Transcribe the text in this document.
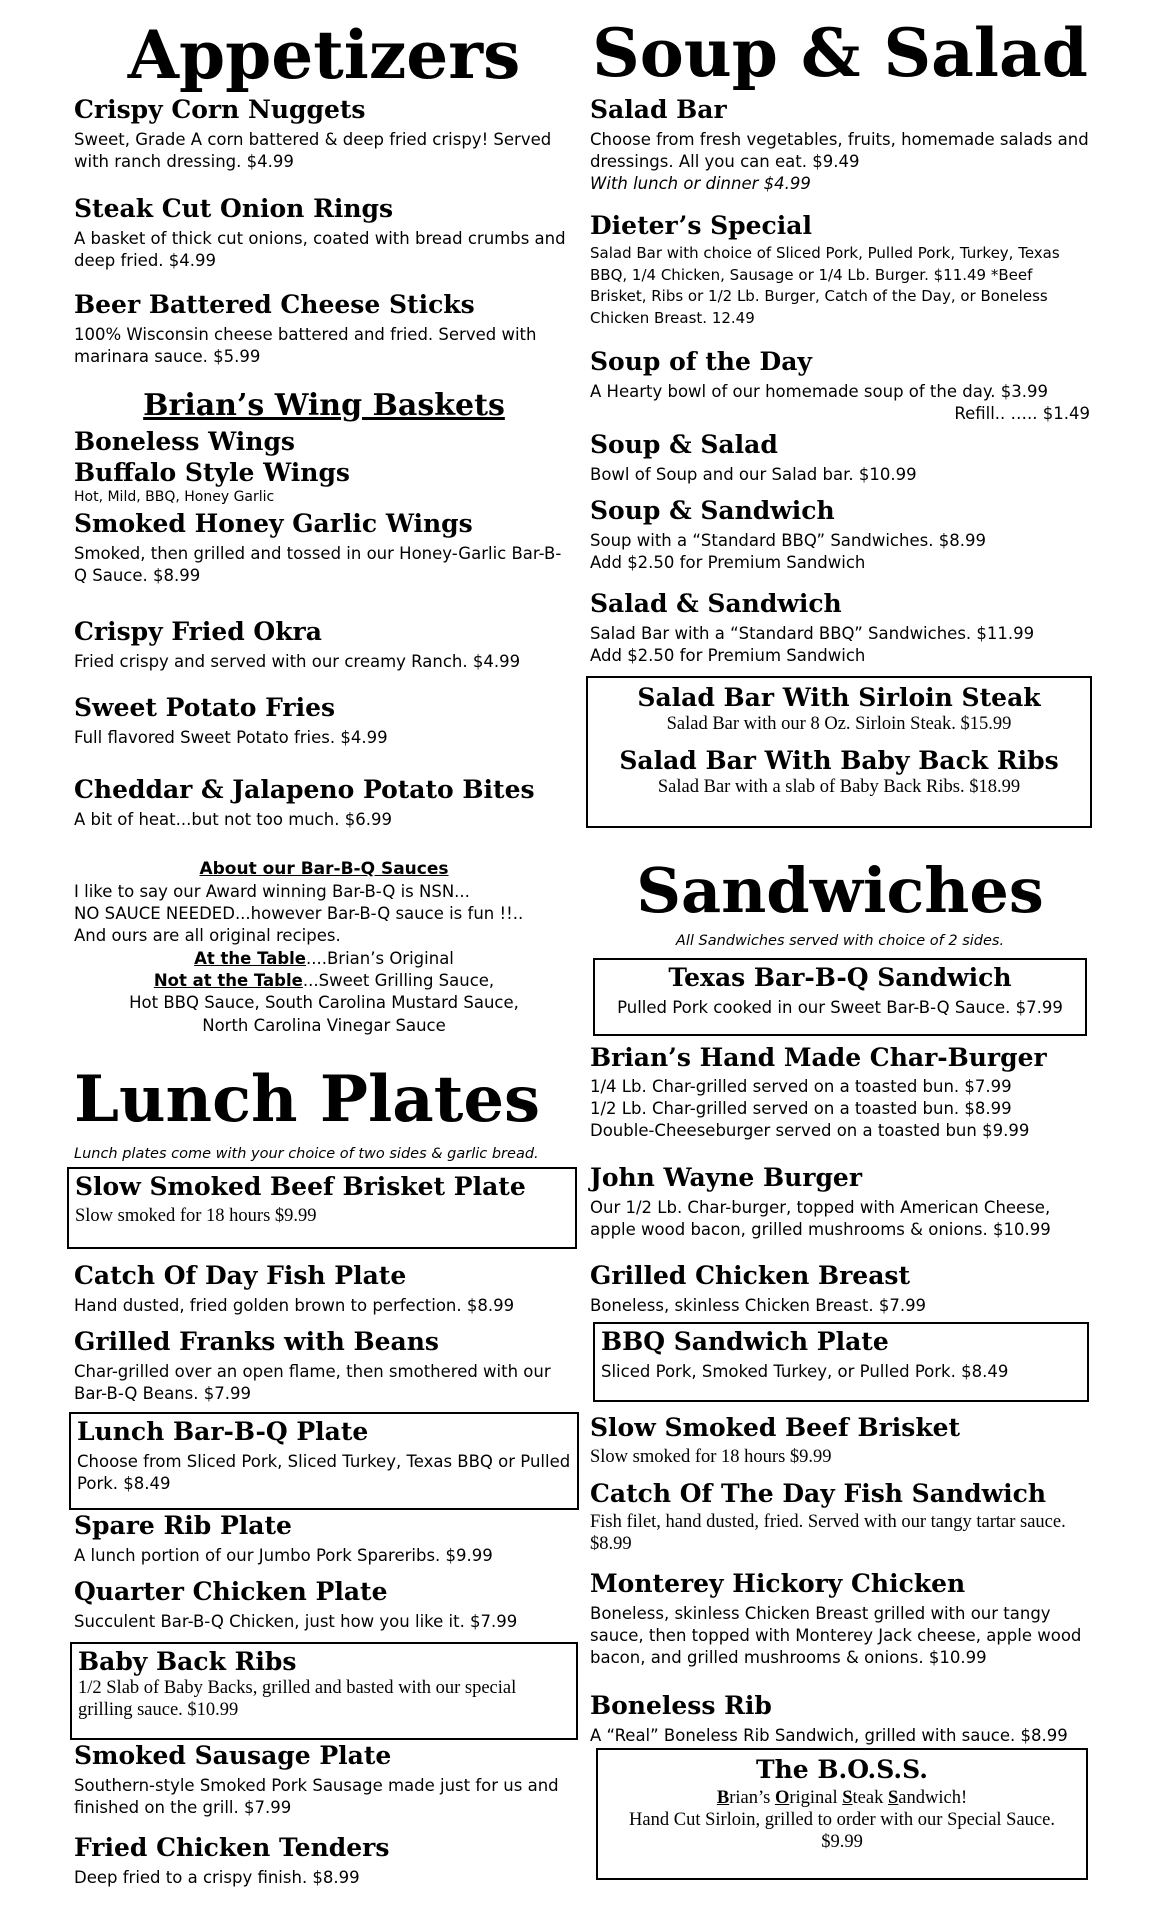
Appetizers
Crispy Corn Nuggets
Sweet, Grade A corn battered & deep fried crispy! Served with ranch dressing. $4.99
Steak Cut Onion Rings
A basket of thick cut onions, coated with bread crumbs and deep fried. $4.99
Beer Battered Cheese Sticks
100% Wisconsin cheese battered and fried. Served with marinara sauce. $5.99
Brian’s Wing Baskets
Boneless Wings
Buffalo Style Wings
Hot, Mild, BBQ, Honey Garlic
Smoked Honey Garlic Wings
Smoked, then grilled and tossed in our Honey-Garlic Bar-B-Q Sauce. $8.99
Crispy Fried Okra
Fried crispy and served with our creamy Ranch. $4.99
Sweet Potato Fries
Full flavored Sweet Potato fries. $4.99
Cheddar & Jalapeno Potato Bites
A bit of heat...but not too much. $6.99
About our Bar-B-Q Sauces
I like to say our Award winning Bar-B-Q is NSN...
NO SAUCE NEEDED...however Bar-B-Q sauce is fun !!..
And ours are all original recipes.
At the Table....Brian’s Original
Not at the Table...Sweet Grilling Sauce,
Hot BBQ Sauce, South Carolina Mustard Sauce,
North Carolina Vinegar Sauce
Lunch Plates
Lunch plates come with your choice of two sides & garlic bread.
Slow Smoked Beef Brisket Plate
Slow smoked for 18 hours $9.99
Catch Of Day Fish Plate
Hand dusted, fried golden brown to perfection. $8.99
Grilled Franks with Beans
Char-grilled over an open flame, then smothered with our Bar-B-Q Beans. $7.99
Lunch Bar-B-Q Plate
Choose from Sliced Pork, Sliced Turkey, Texas BBQ or Pulled Pork. $8.49
Spare Rib Plate
A lunch portion of our Jumbo Pork Spareribs. $9.99
Quarter Chicken Plate
Succulent Bar-B-Q Chicken, just how you like it. $7.99
Baby Back Ribs
1/2 Slab of Baby Backs, grilled and basted with our special grilling sauce. $10.99
Smoked Sausage Plate
Southern-style Smoked Pork Sausage made just for us and finished on the grill. $7.99
Fried Chicken Tenders
Deep fried to a crispy finish. $8.99
Soup & Salad
Salad Bar
Choose from fresh vegetables, fruits, homemade salads and dressings. All you can eat. $9.49
With lunch or dinner $4.99
Dieter’s Special
Salad Bar with choice of Sliced Pork, Pulled Pork, Turkey, Texas BBQ, 1/4 Chicken, Sausage or 1/4 Lb. Burger. $11.49 *Beef Brisket, Ribs or 1/2 Lb. Burger, Catch of the Day, or Boneless Chicken Breast. 12.49
Soup of the Day
A Hearty bowl of our homemade soup of the day. $3.99
Refill.. ….. $1.49
Soup & Salad
Bowl of Soup and our Salad bar. $10.99
Soup & Sandwich
Soup with a “Standard BBQ” Sandwiches. $8.99
Add $2.50 for Premium Sandwich
Salad & Sandwich
Salad Bar with a “Standard BBQ” Sandwiches. $11.99
Add $2.50 for Premium Sandwich
Salad Bar With Sirloin Steak
Salad Bar with our 8 Oz. Sirloin Steak. $15.99
Salad Bar With Baby Back Ribs
Salad Bar with a slab of Baby Back Ribs. $18.99
Sandwiches
All Sandwiches served with choice of 2 sides.
Texas Bar-B-Q Sandwich
Pulled Pork cooked in our Sweet Bar-B-Q Sauce. $7.99
Brian’s Hand Made Char-Burger
1/4 Lb. Char-grilled served on a toasted bun. $7.99
1/2 Lb. Char-grilled served on a toasted bun. $8.99
Double-Cheeseburger served on a toasted bun $9.99
John Wayne Burger
Our 1/2 Lb. Char-burger, topped with American Cheese, apple wood bacon, grilled mushrooms & onions. $10.99
Grilled Chicken Breast
Boneless, skinless Chicken Breast. $7.99
BBQ Sandwich Plate
Sliced Pork, Smoked Turkey, or Pulled Pork. $8.49
Slow Smoked Beef Brisket
Slow smoked for 18 hours $9.99
Catch Of The Day Fish Sandwich
Fish filet, hand dusted, fried. Served with our tangy tartar sauce. $8.99
Monterey Hickory Chicken
Boneless, skinless Chicken Breast grilled with our tangy sauce, then topped with Monterey Jack cheese, apple wood bacon, and grilled mushrooms & onions. $10.99
Boneless Rib
A “Real” Boneless Rib Sandwich, grilled with sauce. $8.99
The B.O.S.S.
Brian’s Original Steak Sandwich!
Hand Cut Sirloin, grilled to order with our Special Sauce. $9.99
